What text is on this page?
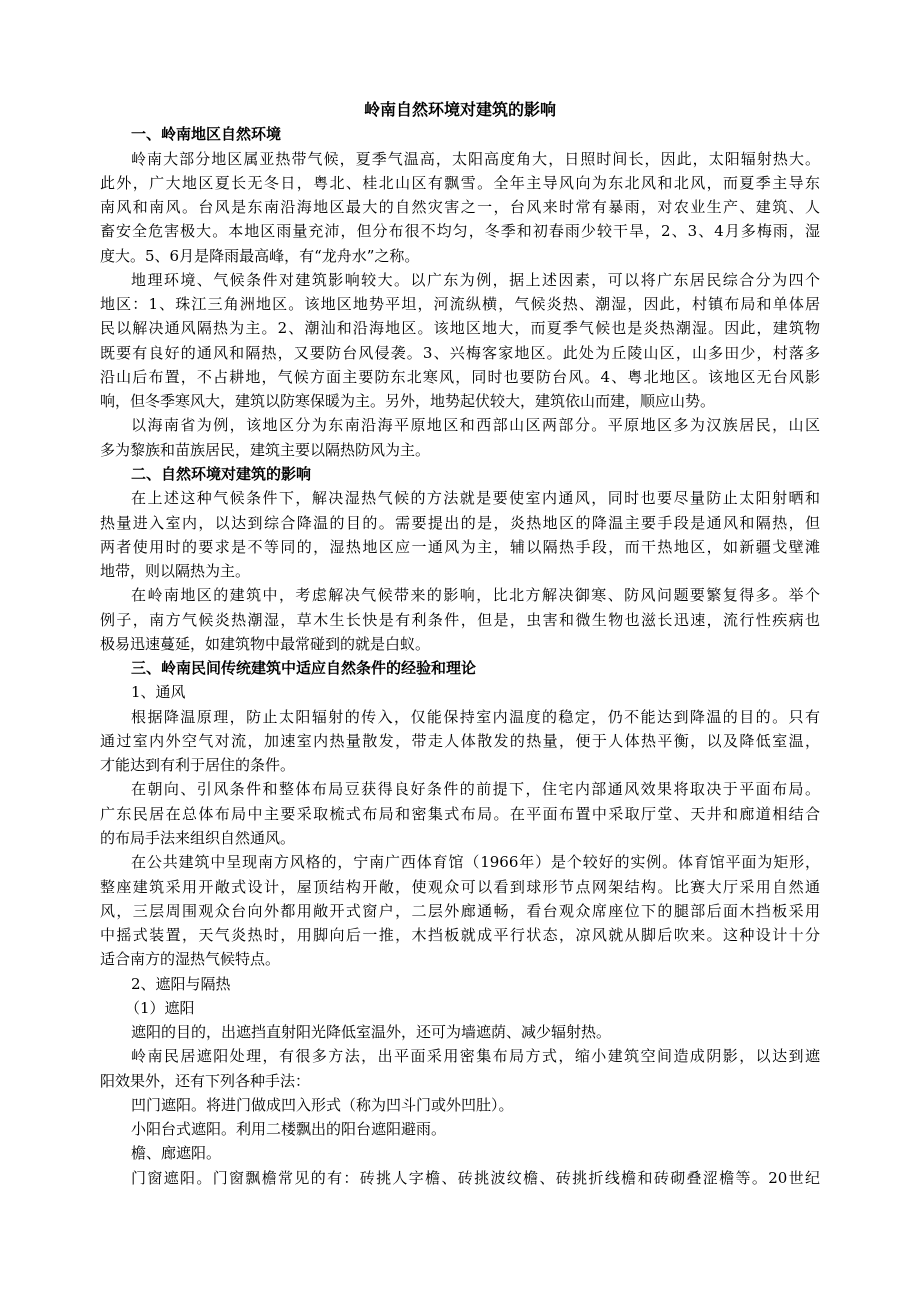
岭南自然环境对建筑的影响
一、岭南地区自然环境
岭南大部分地区属亚热带气候，夏季气温高，太阳高度角大，日照时间长，因此，太阳辐射热大。
此外，广大地区夏长无冬日，粤北、桂北山区有飘雪。全年主导风向为东北风和北风，而夏季主导东
南风和南风。台风是东南沿海地区最大的自然灾害之一，台风来时常有暴雨，对农业生产、建筑、人
畜安全危害极大。本地区雨量充沛，但分布很不均匀，冬季和初春雨少较干旱，2、3、4月多梅雨，湿
度大。5、6月是降雨最高峰，有“龙舟水”之称。
地理环境、气候条件对建筑影响较大。以广东为例，据上述因素，可以将广东居民综合分为四个
地区：1、珠江三角洲地区。该地区地势平坦，河流纵横，气候炎热、潮湿，因此，村镇布局和单体居
民以解决通风隔热为主。2、潮汕和沿海地区。该地区地大，而夏季气候也是炎热潮湿。因此，建筑物
既要有良好的通风和隔热，又要防台风侵袭。3、兴梅客家地区。此处为丘陵山区，山多田少，村落多
沿山后布置，不占耕地，气候方面主要防东北寒风，同时也要防台风。4、粤北地区。该地区无台风影
响，但冬季寒风大，建筑以防寒保暖为主。另外，地势起伏较大，建筑依山而建，顺应山势。
以海南省为例，该地区分为东南沿海平原地区和西部山区两部分。平原地区多为汉族居民，山区
多为黎族和苗族居民，建筑主要以隔热防风为主。
二、自然环境对建筑的影响
在上述这种气候条件下，解决湿热气候的方法就是要使室内通风，同时也要尽量防止太阳射晒和
热量进入室内，以达到综合降温的目的。需要提出的是，炎热地区的降温主要手段是通风和隔热，但
两者使用时的要求是不等同的，湿热地区应一通风为主，辅以隔热手段，而干热地区，如新疆戈壁滩
地带，则以隔热为主。
在岭南地区的建筑中，考虑解决气候带来的影响，比北方解决御寒、防风问题要繁复得多。举个
例子，南方气候炎热潮湿，草木生长快是有利条件，但是，虫害和微生物也滋长迅速，流行性疾病也
极易迅速蔓延，如建筑物中最常碰到的就是白蚁。
三、岭南民间传统建筑中适应自然条件的经验和理论
1、通风
根据降温原理，防止太阳辐射的传入，仅能保持室内温度的稳定，仍不能达到降温的目的。只有
通过室内外空气对流，加速室内热量散发，带走人体散发的热量，便于人体热平衡，以及降低室温，
才能达到有利于居住的条件。
在朝向、引风条件和整体布局豆获得良好条件的前提下，住宅内部通风效果将取决于平面布局。
广东民居在总体布局中主要采取梳式布局和密集式布局。在平面布置中采取厅堂、天井和廊道相结合
的布局手法来组织自然通风。
在公共建筑中呈现南方风格的，宁南广西体育馆（1966年）是个较好的实例。体育馆平面为矩形，
整座建筑采用开敞式设计，屋顶结构开敞，使观众可以看到球形节点网架结构。比赛大厅采用自然通
风，三层周围观众台向外都用敞开式窗户，二层外廊通畅，看台观众席座位下的腿部后面木挡板采用
中摇式装置，天气炎热时，用脚向后一推，木挡板就成平行状态，凉风就从脚后吹来。这种设计十分
适合南方的湿热气候特点。
2、遮阳与隔热
（1）遮阳
遮阳的目的，出遮挡直射阳光降低室温外，还可为墙遮荫、减少辐射热。
岭南民居遮阳处理，有很多方法，出平面采用密集布局方式，缩小建筑空间造成阴影，以达到遮
阳效果外，还有下列各种手法：
凹门遮阳。将进门做成凹入形式（称为凹斗门或外凹肚）。
小阳台式遮阳。利用二楼飘出的阳台遮阳避雨。
檐、廊遮阳。
门窗遮阳。门窗飘檐常见的有：砖挑人字檐、砖挑波纹檐、砖挑折线檐和砖砌叠涩檐等。20世纪
